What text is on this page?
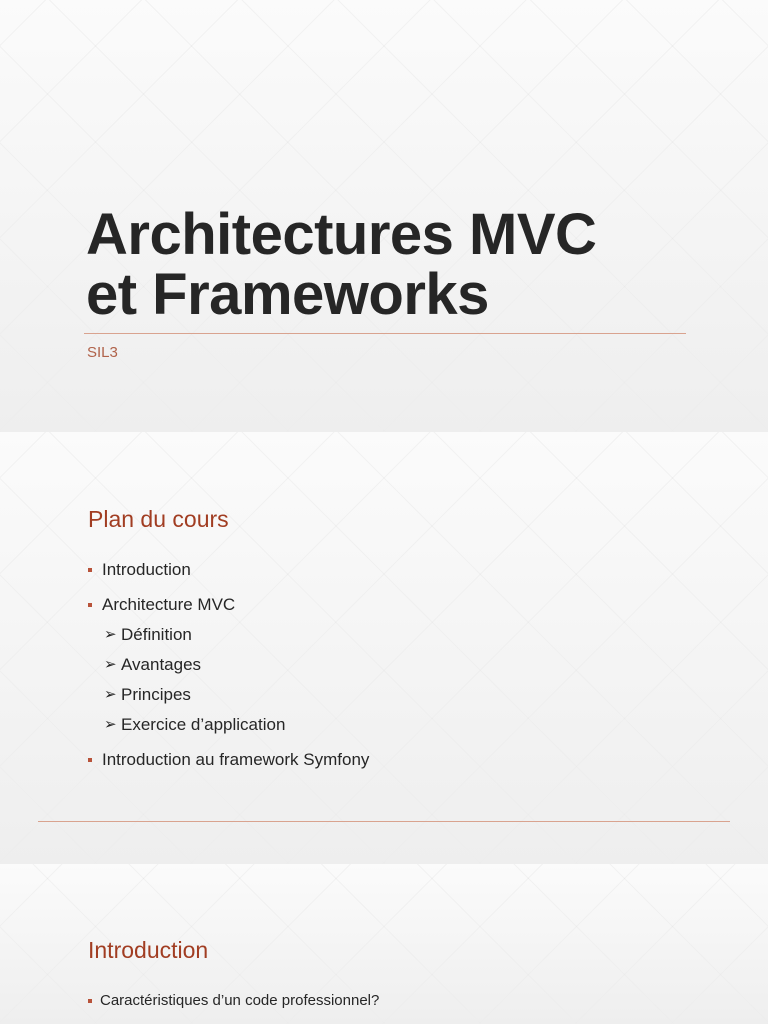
Architectures MVC
et Frameworks
SIL3
Plan du cours
Introduction
Architecture MVC
➢ Définition
➢ Avantages
➢ Principes
➢ Exercice d’application
Introduction au framework Symfony
Introduction
Caractéristiques d’un code professionnel?
